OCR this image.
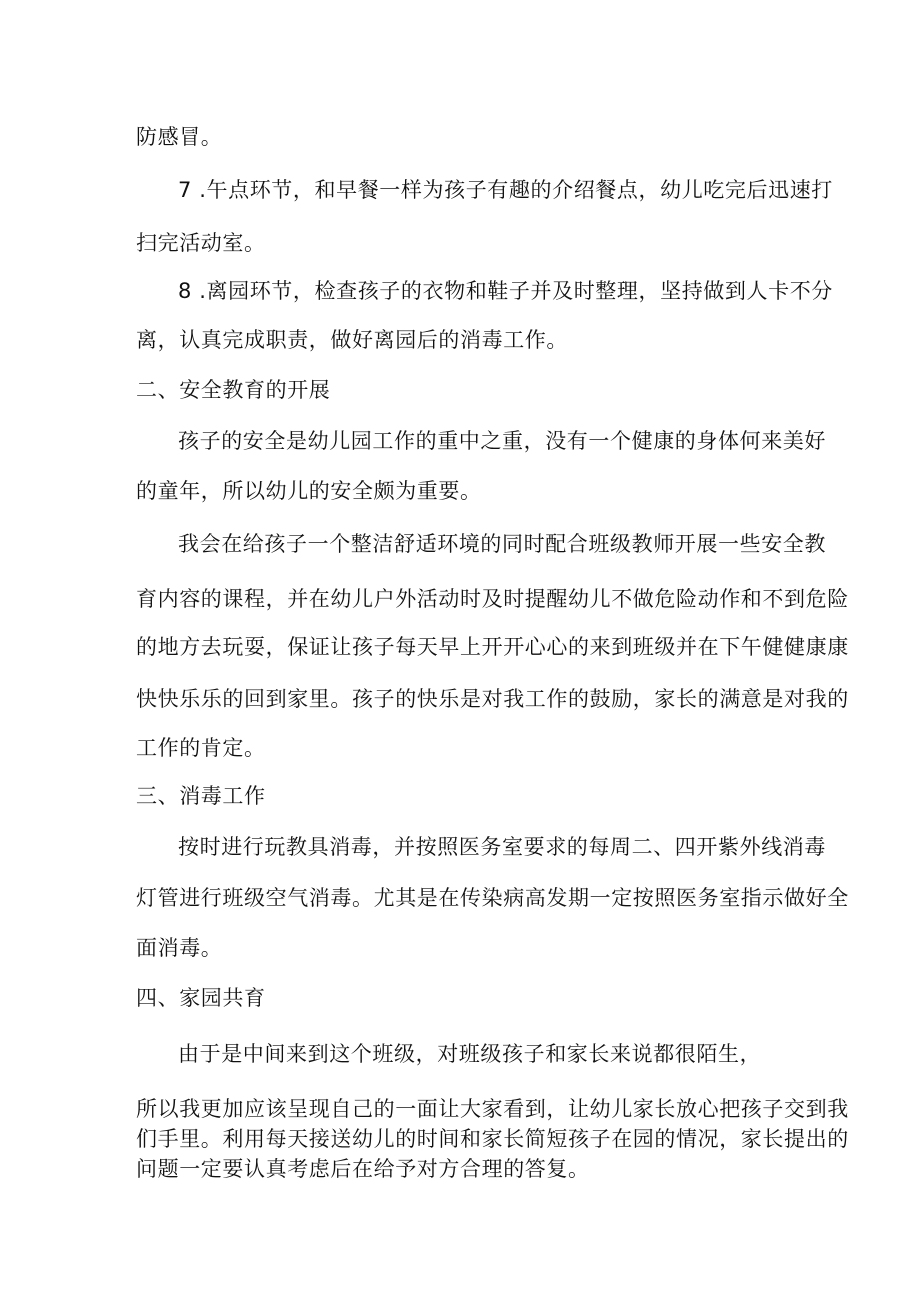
防感冒。
7 .午点环节，和早餐一样为孩子有趣的介绍餐点，幼儿吃完后迅速打
扫完活动室。
8 .离园环节，检查孩子的衣物和鞋子并及时整理，坚持做到人卡不分
离，认真完成职责，做好离园后的消毒工作。
二、安全教育的开展
孩子的安全是幼儿园工作的重中之重，没有一个健康的身体何来美好
的童年，所以幼儿的安全颇为重要。
我会在给孩子一个整洁舒适环境的同时配合班级教师开展一些安全教
育内容的课程，并在幼儿户外活动时及时提醒幼儿不做危险动作和不到危险
的地方去玩耍，保证让孩子每天早上开开心心的来到班级并在下午健健康康
快快乐乐的回到家里。孩子的快乐是对我工作的鼓励，家长的满意是对我的
工作的肯定。
三、消毒工作
按时进行玩教具消毒，并按照医务室要求的每周二、四开紫外线消毒
灯管进行班级空气消毒。尤其是在传染病高发期一定按照医务室指示做好全
面消毒。
四、家园共育
由于是中间来到这个班级，对班级孩子和家长来说都很陌生，
所以我更加应该呈现自己的一面让大家看到，让幼儿家长放心把孩子交到我
们手里。利用每天接送幼儿的时间和家长简短孩子在园的情况，家长提出的
问题一定要认真考虑后在给予对方合理的答复。
